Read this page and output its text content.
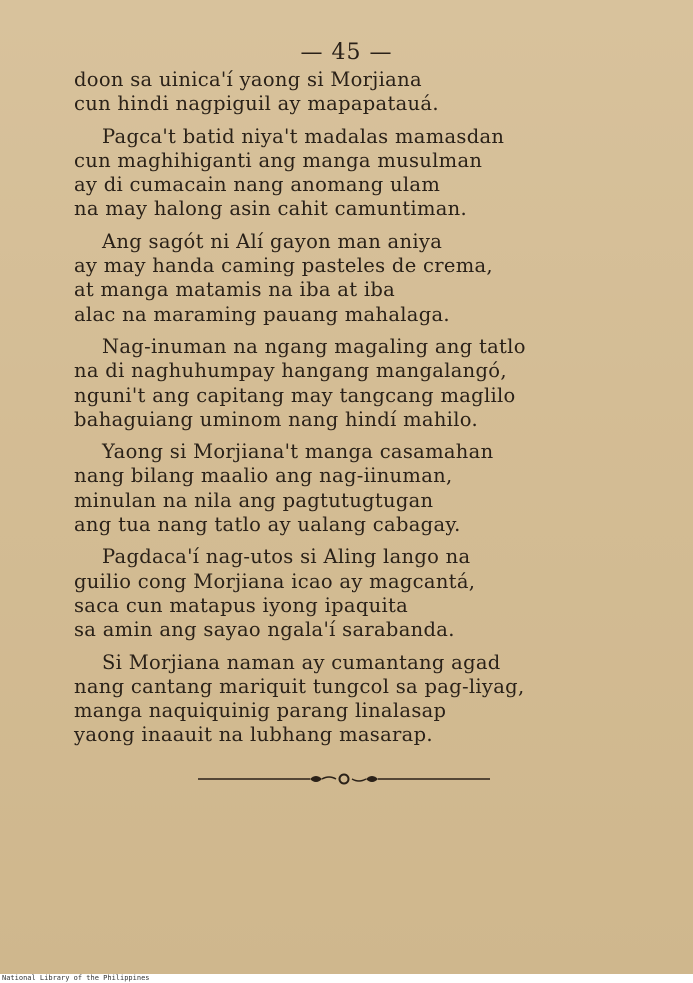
— 45 —
doon sa uinica'í yaong si Morjiana
cun hindi nagpiguil ay mapapatauá.
Pagca't batid niya't madalas mamasdan
cun maghihiganti ang manga musulman
ay di cumacain nang anomang ulam
na may halong asin cahit camuntiman.
Ang sagót ni Alí gayon man aniya
ay may handa caming pasteles de crema,
at manga matamis na iba at iba
alac na maraming pauang mahalaga.
Nag-inuman na ngang magaling ang tatlo
na di naghuhumpay hangang mangalangó,
nguni't ang capitang may tangcang maglilo
bahaguiang uminom nang hindí mahilo.
Yaong si Morjiana't manga casamahan
nang bilang maalio ang nag-iinuman,
minulan na nila ang pagtutugtugan
ang tua nang tatlo ay ualang cabagay.
Pagdaca'í nag-utos si Aling lango na
guilio cong Morjiana icao ay magcantá,
saca cun matapus iyong ipaquita
sa amin ang sayao ngala'í sarabanda.
Si Morjiana naman ay cumantang agad
nang cantang mariquit tungcol sa pag-liyag,
manga naquiquinig parang linalasap
yaong inaauit na lubhang masarap.
National Library of the Philippines
